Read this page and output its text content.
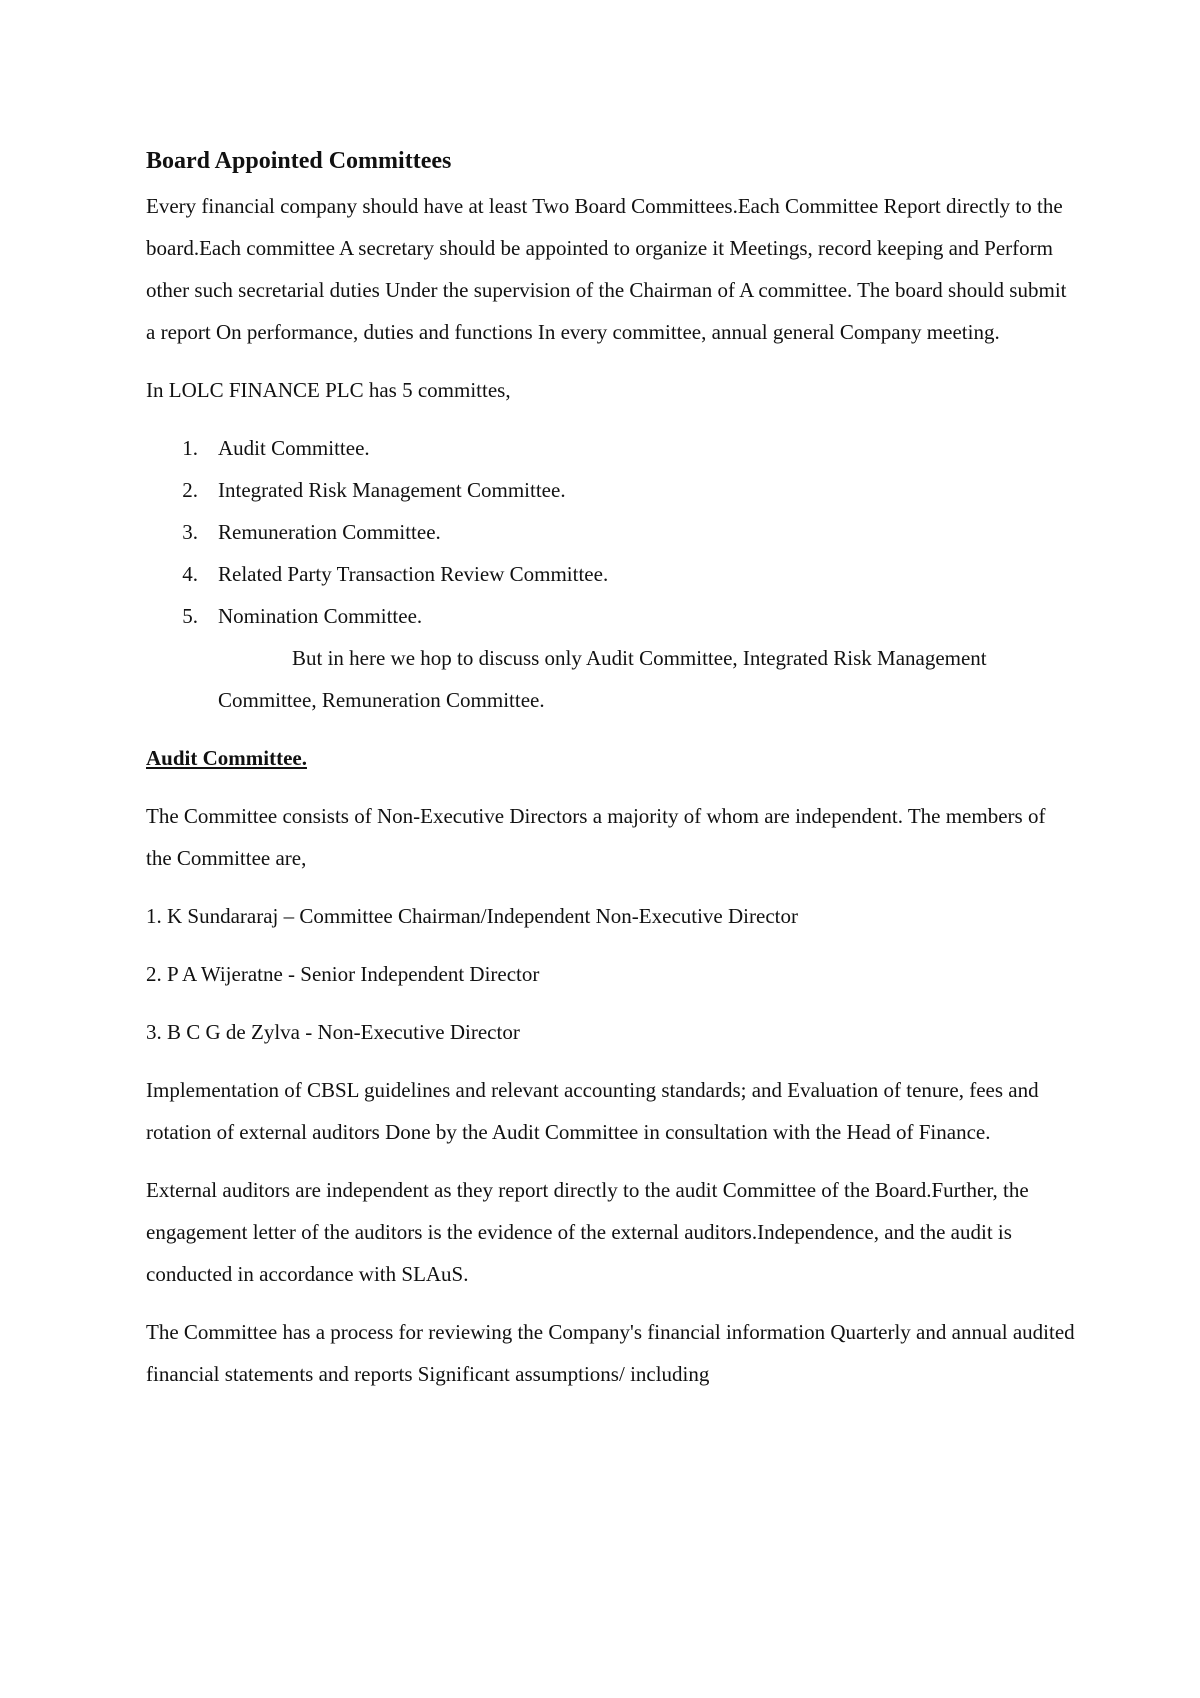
Board Appointed Committees

Every financial company should have at least Two Board Committees.Each Committee Report directly to the board.Each committee A secretary should be appointed to organize it Meetings, record keeping and Perform other such secretarial duties Under the supervision of the Chairman of A committee. The board should submit a report On performance, duties and functions In every committee, annual general Company meeting.

In LOLC FINANCE PLC has 5 committes,

1. Audit Committee.
2. Integrated Risk Management Committee.
3. Remuneration Committee.
4. Related Party Transaction Review Committee.
5. Nomination Committee.
But in here we hop to discuss only Audit Committee, Integrated Risk Management Committee, Remuneration Committee.
Audit Committee.

The Committee consists of Non-Executive Directors a majority of whom are independent. The members of the Committee are,

1. K Sundararaj – Committee Chairman/Independent Non-Executive Director
2. P A Wijeratne - Senior Independent Director
3. B C G de Zylva - Non-Executive Director

Implementation of CBSL guidelines and relevant accounting standards; and Evaluation of tenure, fees and rotation of external auditors Done by the Audit Committee in consultation with the Head of Finance.

External auditors are independent as they report directly to the audit Committee of the Board.Further, the engagement letter of the auditors is the evidence of the external auditors.Independence, and the audit is conducted in accordance with SLAuS.

The Committee has a process for reviewing the Company's financial information Quarterly and annual audited financial statements and reports Significant assumptions/ including
